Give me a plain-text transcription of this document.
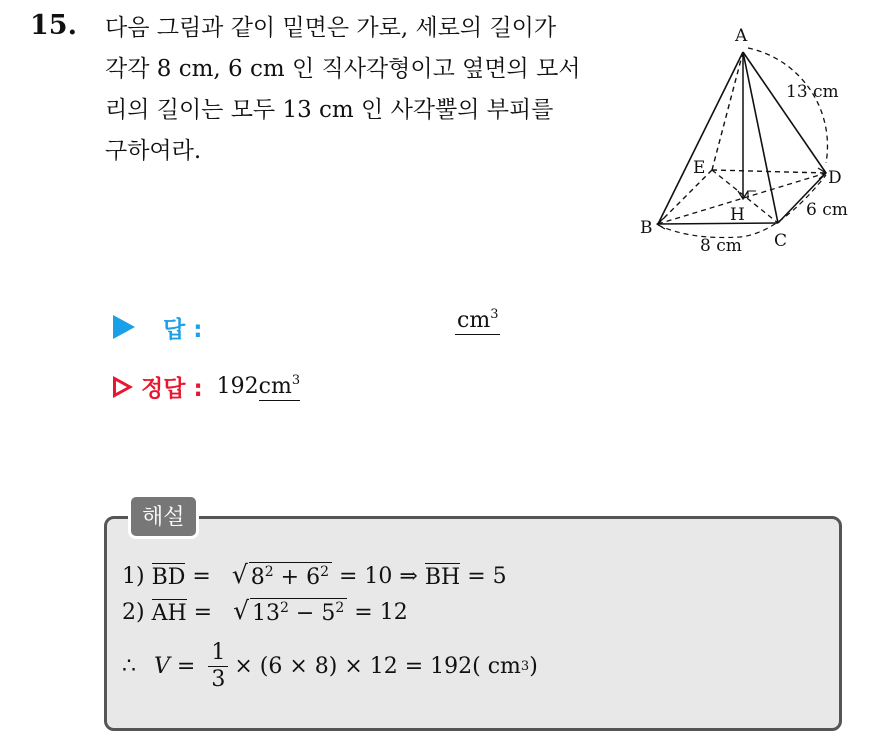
15. 다음 그림과 같이 밑면은 가로, 세로의 길이가
각각 8 cm, 6 cm 인 직사각형이고 옆면의 모서
리의 길이는 모두 13 cm 인 사각뿔의 부피를
구하여라.
A
B
C
D
E
H
13 cm
6 cm
8 cm
답 :	$cm^3$
정답 : $192cm^3$
해설
1) BD = √ $8^2 + 6^2 = 10$ ⇒ BH = 5
2) AH = √ $13^2 - 5^2 = 12$
∴ $V = \frac{1}{3} \times (6 \times 8) \times 12 = 192$( cm 3 )
